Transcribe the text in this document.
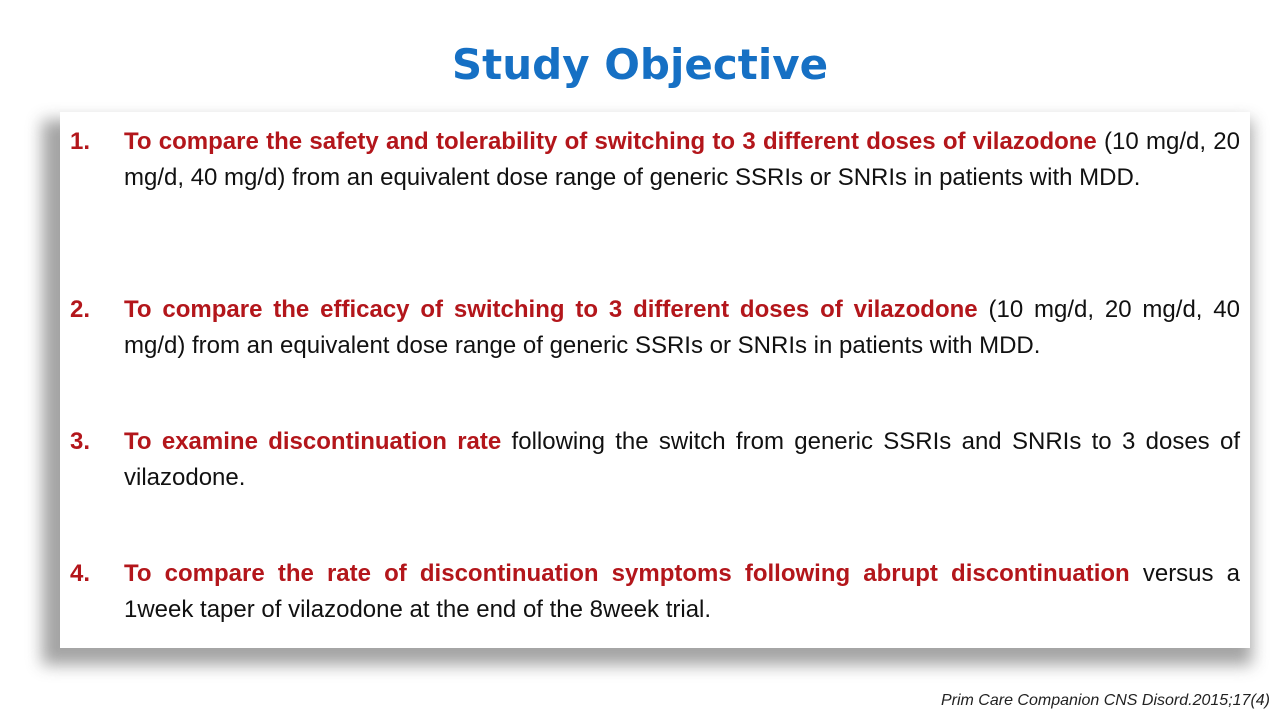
Study Objective
1.	To compare the safety and tolerability of switching to 3 different doses of vilazodone (10 mg/d, 20 mg/d, 40 mg/d) from an equivalent dose range of generic SSRIs or SNRIs in patients with MDD.
2.	To compare the efficacy of switching to 3 different doses of vilazodone (10 mg/d, 20 mg/d, 40 mg/d) from an equivalent dose range of generic SSRIs or SNRIs in patients with MDD.
3.	To examine discontinuation rate following the switch from generic SSRIs and SNRIs to 3 doses of vilazodone.
4.	To compare the rate of discontinuation symptoms following abrupt discontinuation versus a 1week taper of vilazodone at the end of the 8week trial.
Prim Care Companion CNS Disord.2015;17(4)
